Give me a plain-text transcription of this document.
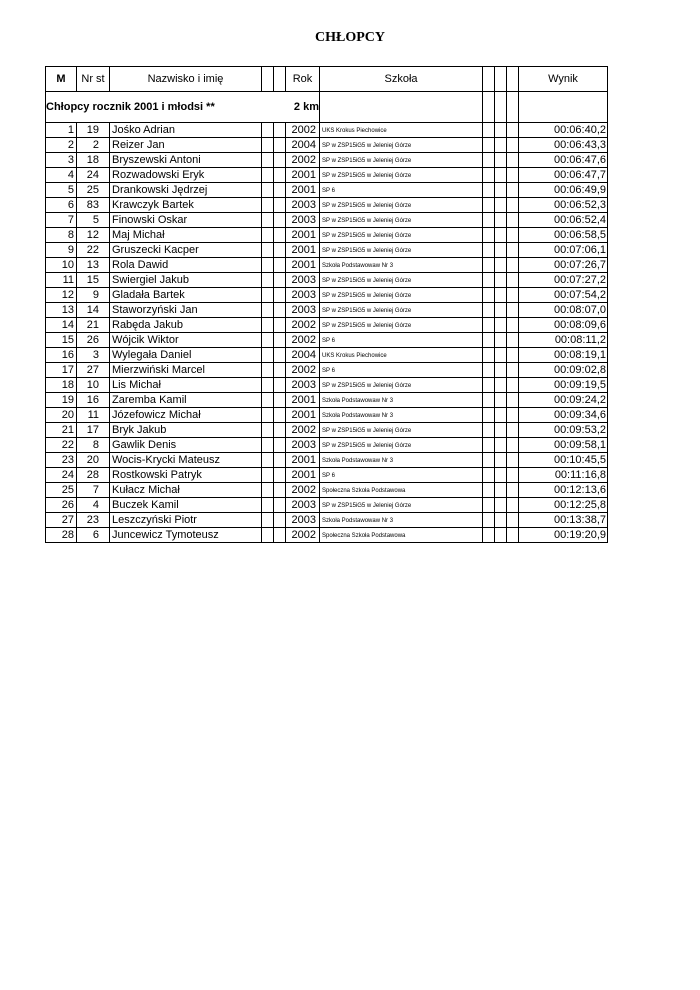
CHŁOPCY
M	Nr st	Nazwisko i imię			Rok	Szkoła				Wynik
Chłopcy rocznik 2001 i młodsi **					2 km					
1	19	Jośko Adrian			2002	UKS Krokus Piechowice				00:06:40,2
2	2	Reizer Jan			2004	SP w ZSP15iG5 w Jeleniej Górze				00:06:43,3
3	18	Bryszewski Antoni			2002	SP w ZSP15iG5 w Jeleniej Górze				00:06:47,6
4	24	Rozwadowski Eryk			2001	SP w ZSP15iG5 w Jeleniej Górze				00:06:47,7
5	25	Drankowski Jędrzej			2001	SP 6				00:06:49,9
6	83	Krawczyk Bartek			2003	SP w ZSP15iG5 w Jeleniej Górze				00:06:52,3
7	5	Finowski Oskar			2003	SP w ZSP15iG5 w Jeleniej Górze				00:06:52,4
8	12	Maj Michał			2001	SP w ZSP15iG5 w Jeleniej Górze				00:06:58,5
9	22	Gruszecki Kacper			2001	SP w ZSP15iG5 w Jeleniej Górze				00:07:06,1
10	13	Rola Dawid			2001	Szkoła Podstawowaw Nr 3				00:07:26,7
11	15	Swiergiel Jakub			2003	SP w ZSP15iG5 w Jeleniej Górze				00:07:27,2
12	9	Gladała Bartek			2003	SP w ZSP15iG5 w Jeleniej Górze				00:07:54,2
13	14	Staworzyński Jan			2003	SP w ZSP15iG5 w Jeleniej Górze				00:08:07,0
14	21	Rabęda Jakub			2002	SP w ZSP15iG5 w Jeleniej Górze				00:08:09,6
15	26	Wójcik Wiktor			2002	SP 6				00:08:11,2
16	3	Wylegała Daniel			2004	UKS Krokus Piechowice				00:08:19,1
17	27	Mierzwiński Marcel			2002	SP 6				00:09:02,8
18	10	Lis Michał			2003	SP w ZSP15iG5 w Jeleniej Górze				00:09:19,5
19	16	Zaremba Kamil			2001	Szkoła Podstawowaw Nr 3				00:09:24,2
20	11	Józefowicz Michał			2001	Szkoła Podstawowaw Nr 3				00:09:34,6
21	17	Bryk Jakub			2002	SP w ZSP15iG5 w Jeleniej Górze				00:09:53,2
22	8	Gawlik Denis			2003	SP w ZSP15iG5 w Jeleniej Górze				00:09:58,1
23	20	Wocis-Krycki Mateusz			2001	Szkoła Podstawowaw Nr 3				00:10:45,5
24	28	Rostkowski Patryk			2001	SP 6				00:11:16,8
25	7	Kułacz Michał			2002	Społeczna Szkoła Podstawowa				00:12:13,6
26	4	Buczek Kamil			2003	SP w ZSP15iG5 w Jeleniej Górze				00:12:25,8
27	23	Leszczyński Piotr			2003	Szkoła Podstawowaw Nr 3				00:13:38,7
28	6	Juncewicz Tymoteusz			2002	Społeczna Szkoła Podstawowa				00:19:20,9
